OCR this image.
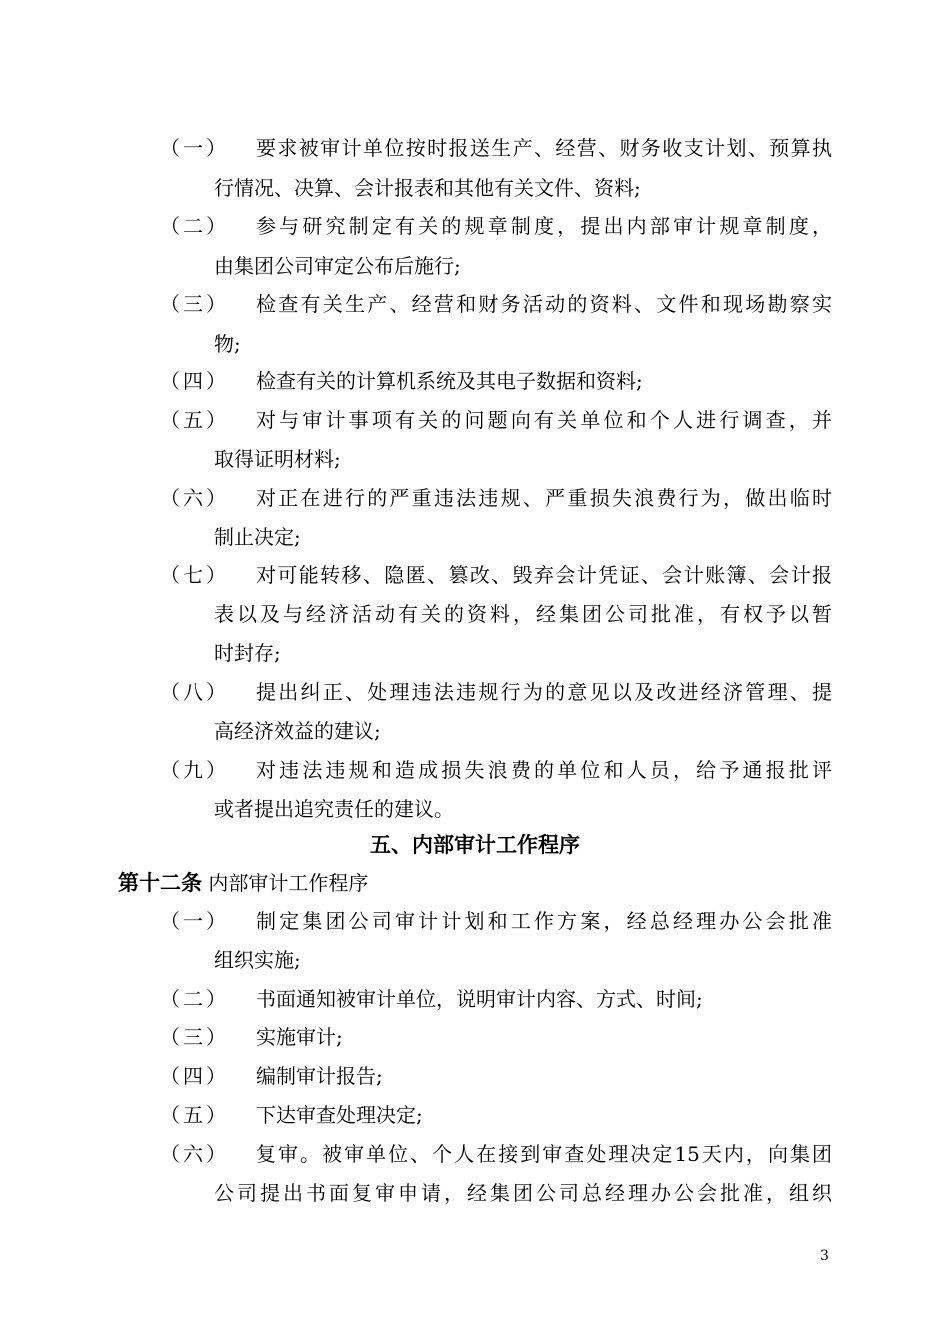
（一） 要求被审计单位按时报送生产、经营、财务收支计划、预算执
行情况、决算、会计报表和其他有关文件、资料;
（二） 参与研究制定有关的规章制度，提出内部审计规章制度，
由集团公司审定公布后施行;
（三） 检查有关生产、经营和财务活动的资料、文件和现场勘察实
物;
（四） 检查有关的计算机系统及其电子数据和资料;
（五） 对与审计事项有关的问题向有关单位和个人进行调查，并
取得证明材料;
（六） 对正在进行的严重违法违规、严重损失浪费行为，做出临时
制止决定;
（七） 对可能转移、隐匿、篡改、毁弃会计凭证、会计账簿、会计报
表以及与经济活动有关的资料，经集团公司批准，有权予以暂
时封存;
（八） 提出纠正、处理违法违规行为的意见以及改进经济管理、提
高经济效益的建议;
（九） 对违法违规和造成损失浪费的单位和人员，给予通报批评
或者提出追究责任的建议。
五、内部审计工作程序
第十二条 内部审计工作程序
（一） 制定集团公司审计计划和工作方案，经总经理办公会批准
组织实施;
（二） 书面通知被审计单位，说明审计内容、方式、时间;
（三） 实施审计;
（四） 编制审计报告;
（五） 下达审查处理决定;
（六） 复审。被审单位、个人在接到审查处理决定15天内，向集团
公司提出书面复审申请，经集团公司总经理办公会批准，组织
3
